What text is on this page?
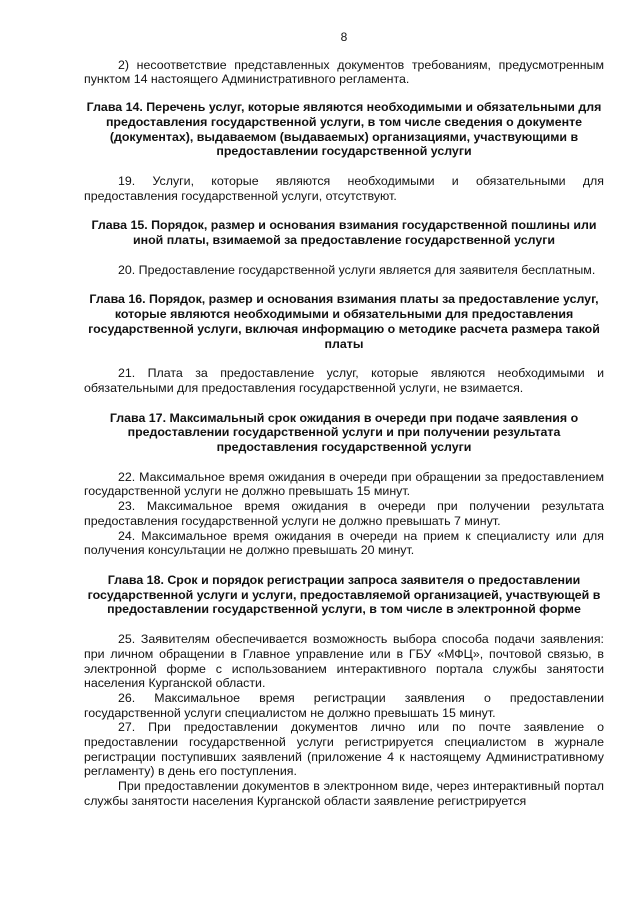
8

2) несоответствие представленных документов требованиям, предусмотренным пунктом 14 настоящего Административного регламента.

Глава 14. Перечень услуг, которые являются необходимыми и обязательными для предоставления государственной услуги, в том числе сведения о документе (документах), выдаваемом (выдаваемых) организациями, участвующими в предоставлении государственной услуги

19. Услуги, которые являются необходимыми и обязательными для предоставления государственной услуги, отсутствуют.

Глава 15. Порядок, размер и основания взимания государственной пошлины или иной платы, взимаемой за предоставление государственной услуги

20. Предоставление государственной услуги является для заявителя бесплатным.

Глава 16. Порядок, размер и основания взимания платы за предоставление услуг, которые являются необходимыми и обязательными для предоставления государственной услуги, включая информацию о методике расчета размера такой платы

21. Плата за предоставление услуг, которые являются необходимыми и обязательными для предоставления государственной услуги, не взимается.

Глава 17. Максимальный срок ожидания в очереди при подаче заявления о предоставлении государственной услуги и при получении результата предоставления государственной услуги

22. Максимальное время ожидания в очереди при обращении за предоставлением государственной услуги не должно превышать 15 минут.

23. Максимальное время ожидания в очереди при получении результата предоставления государственной услуги не должно превышать 7 минут.

24. Максимальное время ожидания в очереди на прием к специалисту или для получения консультации не должно превышать 20 минут.

Глава 18. Срок и порядок регистрации запроса заявителя о предоставлении государственной услуги и услуги, предоставляемой организацией, участвующей в предоставлении государственной услуги, в том числе в электронной форме

25. Заявителям обеспечивается возможность выбора способа подачи заявления: при личном обращении в Главное управление или в ГБУ «МФЦ», почтовой связью, в электронной форме с использованием интерактивного портала службы занятости населения Курганской области.

26. Максимальное время регистрации заявления о предоставлении государственной услуги специалистом не должно превышать 15 минут.

27. При предоставлении документов лично или по почте заявление о предоставлении государственной услуги регистрируется специалистом в журнале регистрации поступивших заявлений (приложение 4 к настоящему Административному регламенту) в день его поступления.

При предоставлении документов в электронном виде, через интерактивный портал службы занятости населения Курганской области заявление регистрируется
